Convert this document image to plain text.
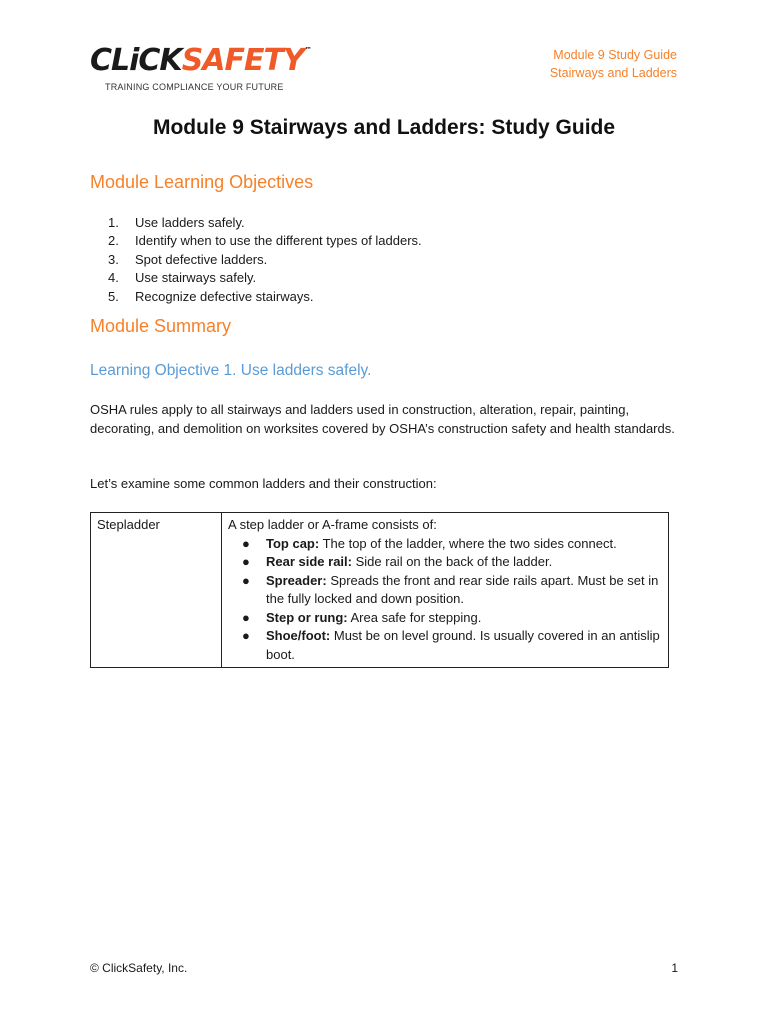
CLiCK SAFETY ™
TRAINING COMPLIANCE YOUR FUTURE
Module 9 Study Guide
Stairways and Ladders
Module 9 Stairways and Ladders: Study Guide
Module Learning Objectives
1.	Use ladders safely.
2.	Identify when to use the different types of ladders.
3.	Spot defective ladders.
4.	Use stairways safely.
5.	Recognize defective stairways.
Module Summary
Learning Objective 1. Use ladders safely.

OSHA rules apply to all stairways and ladders used in construction, alteration, repair, painting, decorating, and demolition on worksites covered by OSHA’s construction safety and health standards.

Let’s examine some common ladders and their construction:

Stepladder	A step ladder or A-frame consists of:
●	Top cap: The top of the ladder, where the two sides connect.
●	Rear side rail: Side rail on the back of the ladder.
●	Spreader: Spreads the front and rear side rails apart. Must be set in the fully locked and down position.
●	Step or rung: Area safe for stepping.
●	Shoe/foot: Must be on level ground. Is usually covered in an antislip boot.
© ClickSafety, Inc.	1
